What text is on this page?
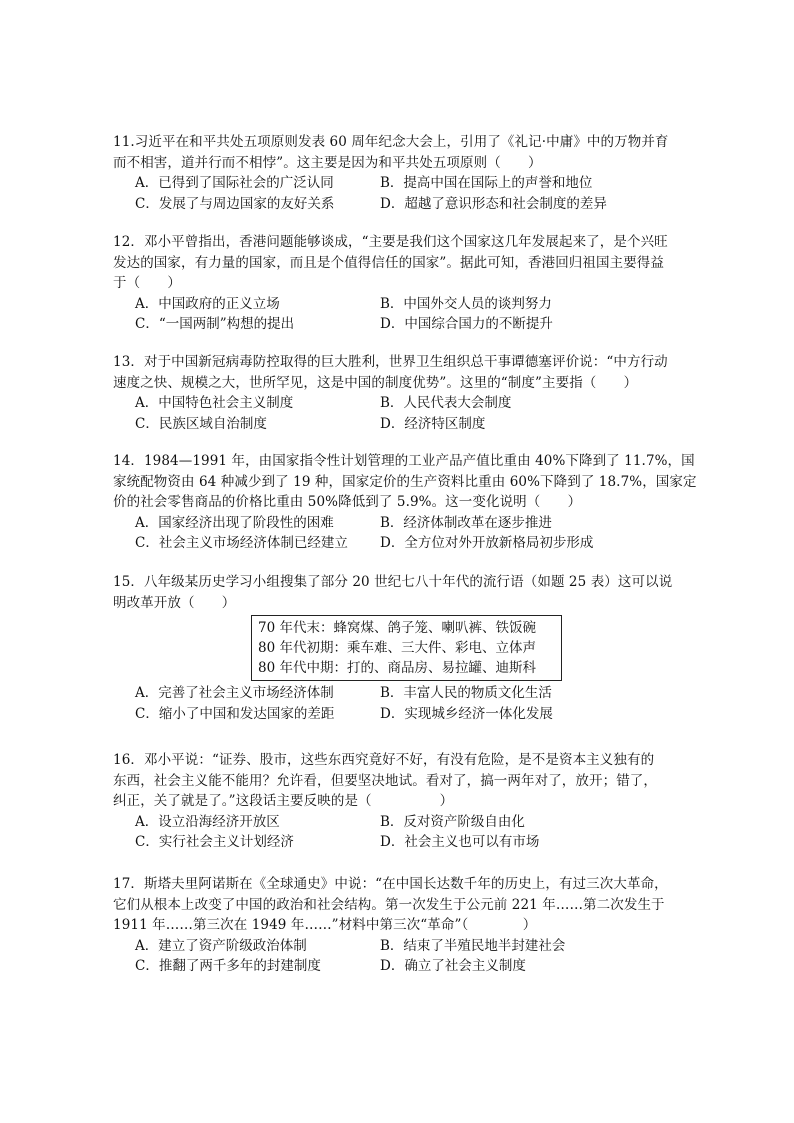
11.习近平在和平共处五项原则发表 60 周年纪念大会上，引用了《礼记·中庸》中的万物并育
而不相害，道并行而不相悖”。这主要是因为和平共处五项原则（　　）
A．已得到了国际社会的广泛认同	B．提高中国在国际上的声誉和地位
C．发展了与周边国家的友好关系	D．超越了意识形态和社会制度的差异
12．邓小平曾指出，香港问题能够谈成，“主要是我们这个国家这几年发展起来了，是个兴旺
发达的国家，有力量的国家，而且是个值得信任的国家”。据此可知，香港回归祖国主要得益
于（　　）
A．中国政府的正义立场	B．中国外交人员的谈判努力
C．“一国两制”构想的提出	D．中国综合国力的不断提升
13．对于中国新冠病毒防控取得的巨大胜利，世界卫生组织总干事谭德塞评价说：“中方行动
速度之快、规模之大，世所罕见，这是中国的制度优势”。这里的“制度”主要指（　　）
A．中国特色社会主义制度	B．人民代表大会制度
C．民族区域自治制度	D．经济特区制度
14．1984—1991 年，由国家指令性计划管理的工业产品产值比重由 40%下降到了 11.7%，国
家统配物资由 64 种减少到了 19 种，国家定价的生产资料比重由 60%下降到了 18.7%，国家定
价的社会零售商品的价格比重由 50%降低到了 5.9%。这一变化说明（　　）
A．国家经济出现了阶段性的困难	B．经济体制改革在逐步推进
C．社会主义市场经济体制已经建立	D．全方位对外开放新格局初步形成
15．八年级某历史学习小组搜集了部分 20 世纪七八十年代的流行语（如题 25 表）这可以说
明改革开放（　　）
70 年代末：蜂窝煤、鸽子笼、喇叭裤、铁饭碗
80 年代初期：乘车难、三大件、彩电、立体声
80 年代中期：打的、商品房、易拉罐、迪斯科
A．完善了社会主义市场经济体制	B．丰富人民的物质文化生活
C．缩小了中国和发达国家的差距	D．实现城乡经济一体化发展
16．邓小平说：“证券、股市，这些东西究竟好不好，有没有危险，是不是资本主义独有的
东西，社会主义能不能用？允许看，但要坚决地试。看对了，搞一两年对了，放开；错了，
纠正，关了就是了。”这段话主要反映的是（　　　　　）
A．设立沿海经济开放区	B．反对资产阶级自由化
C．实行社会主义计划经济	D．社会主义也可以有市场
17．斯塔夫里阿诺斯在《全球通史》中说：“在中国长达数千年的历史上，有过三次大革命，
它们从根本上改变了中国的政治和社会结构。第一次发生于公元前 221 年……第二次发生于
1911 年……第三次在 1949 年……”材料中第三次“革命”（　　　　）
A．建立了资产阶级政治体制	B．结束了半殖民地半封建社会
C．推翻了两千多年的封建制度	D．确立了社会主义制度
